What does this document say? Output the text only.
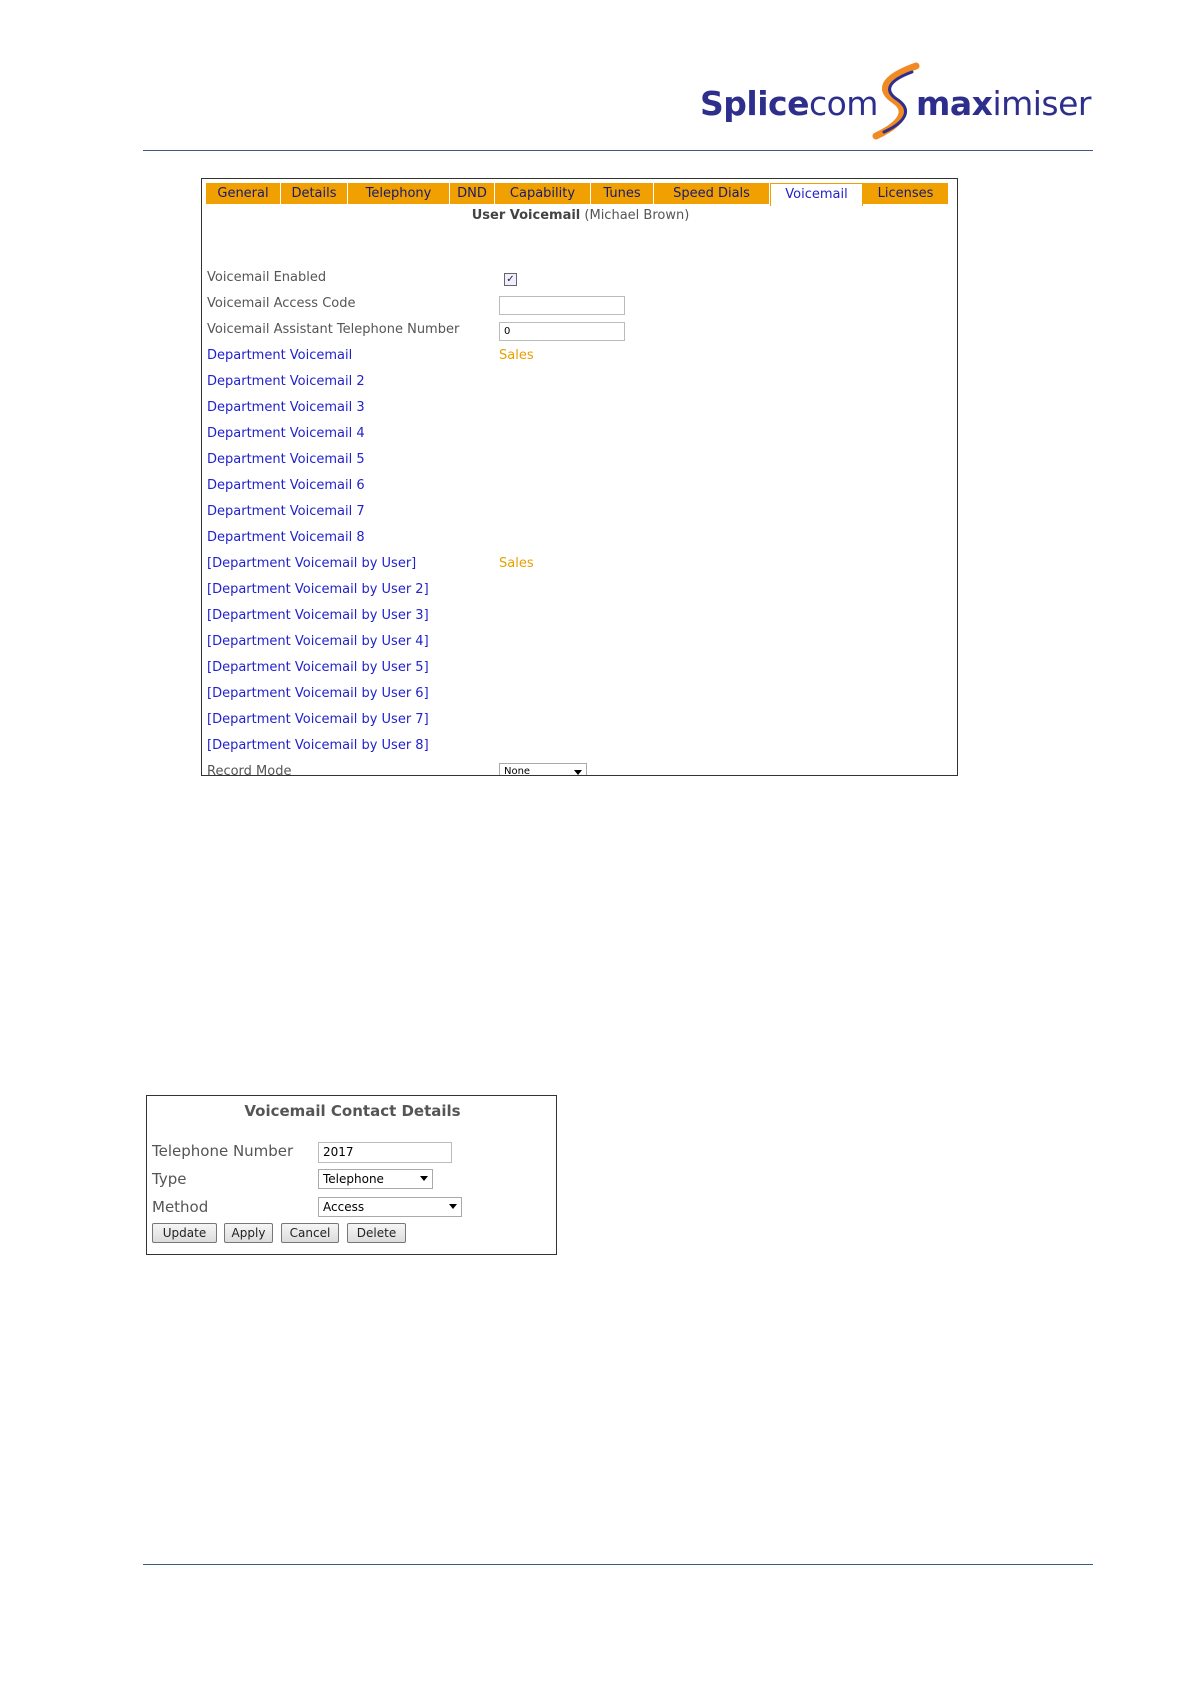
Splicecom maximiser
General	Details	Telephony	DND	Capability	Tunes	Speed Dials	Voicemail	Licenses
User Voicemail (Michael Brown)
Voicemail Enabled	✓
Voicemail Access Code
Voicemail Assistant Telephone Number	0
Department Voicemail	Sales
Department Voicemail 2
Department Voicemail 3
Department Voicemail 4
Department Voicemail 5
Department Voicemail 6
Department Voicemail 7
Department Voicemail 8
[Department Voicemail by User]	Sales
[Department Voicemail by User 2]
[Department Voicemail by User 3]
[Department Voicemail by User 4]
[Department Voicemail by User 5]
[Department Voicemail by User 6]
[Department Voicemail by User 7]
[Department Voicemail by User 8]
Record Mode	None
Voicemail Contact Details
Telephone Number	2017
Type	Telephone
Method	Access
Update	Apply	Cancel	Delete
